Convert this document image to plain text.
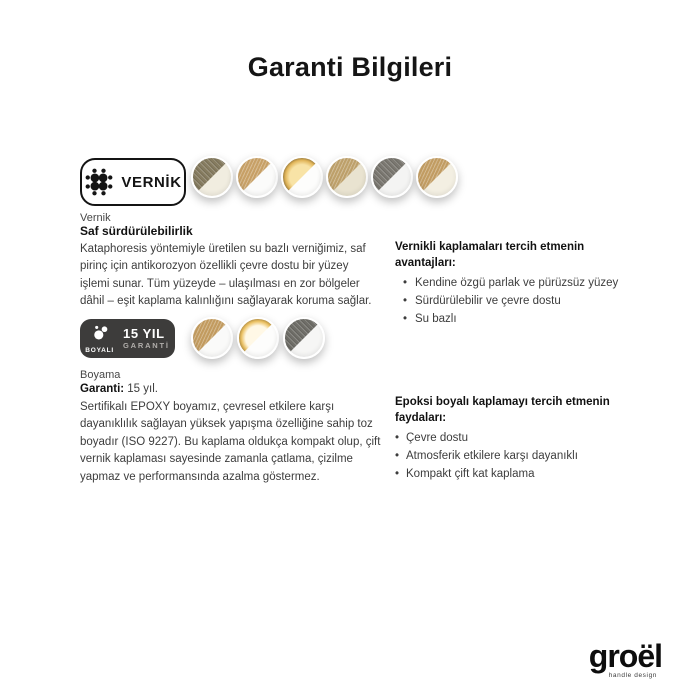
Garanti Bilgileri
VERNİK
Vernik
Saf sürdürülebilirlik
Kataphoresis yöntemiyle üretilen su bazlı verniğimiz, saf pirinç için antikorozyon özellikli çevre dostu bir yüzey işlemi sunar. Tüm yüzeyde – ulaşılması en zor bölgeler dâhil – eşit kaplama kalınlığını sağlayarak koruma sağlar.

Vernikli kaplamaları tercih etmenin avantajları:

• Kendine özgü parlak ve pürüzsüz yüzey
• Sürdürülebilir ve çevre dostu
• Su bazlı
BOYALI
15 YIL
GARANTİ
Boyama
Garanti: 15 yıl.
Sertifikalı EPOXY boyamız, çevresel etkilere karşı dayanıklılık sağlayan yüksek yapışma özelliğine sahip toz boyadır (ISO 9227). Bu kaplama oldukça kompakt olup, çift vernik kaplaması sayesinde zamanla çatlama, çizilme yapmaz ve performansında azalma göstermez.

Epoksi boyalı kaplamayı tercih etmenin faydaları:

• Çevre dostu
• Atmosferik etkilere karşı dayanıklı
• Kompakt çift kat kaplama
groël
handle design
